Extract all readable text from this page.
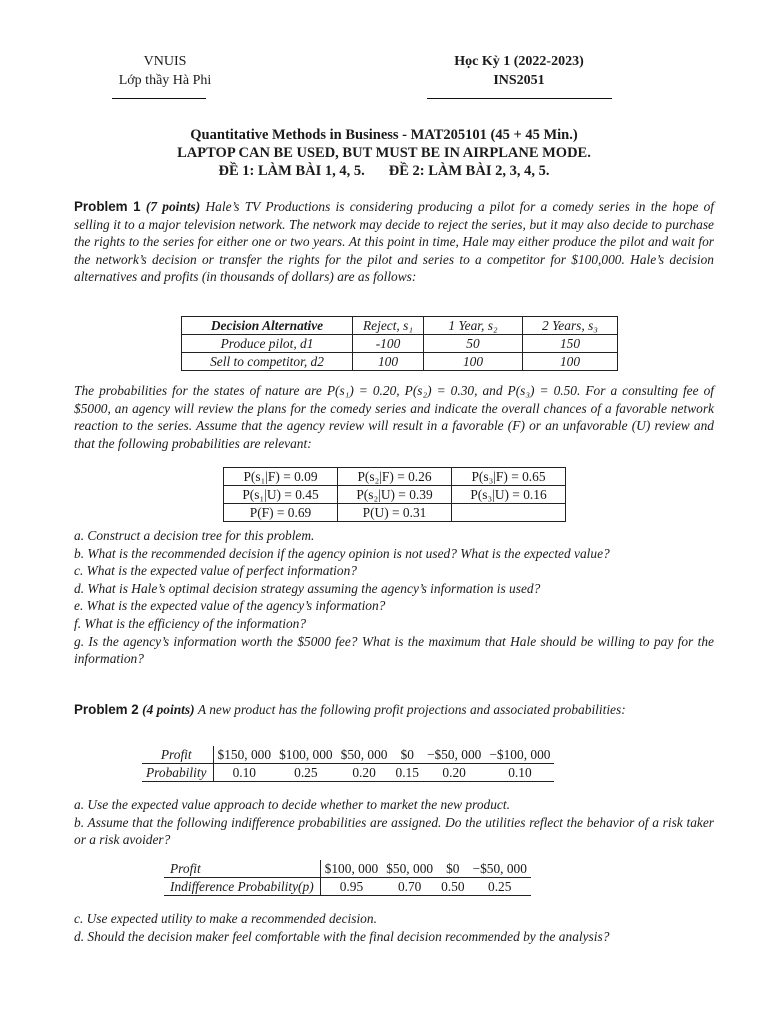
VNUIS
Lớp thầy Hà Phi
Học Kỳ 1 (2022-2023)
INS2051
Quantitative Methods in Business - MAT205101 (45 + 45 Min.)
LAPTOP CAN BE USED, BUT MUST BE IN AIRPLANE MODE.
ĐỀ 1: LÀM BÀI 1, 4, 5. ĐỀ 2: LÀM BÀI 2, 3, 4, 5.
Problem 1 (7 points) Hale’s TV Productions is considering producing a pilot for a comedy series in the hope of selling it to a major television network. The network may decide to reject the series, but it may also decide to purchase the rights to the series for either one or two years. At this point in time, Hale may either produce the pilot and wait for the network’s decision or transfer the rights for the pilot and series to a competitor for $100,000. Hale’s decision alternatives and profits (in thousands of dollars) are as follows:
Decision Alternative	Reject, s₁	1 Year, s₂	2 Years, s₃
Produce pilot, d1	-100	50	150
Sell to competitor, d2	100	100	100
The probabilities for the states of nature are P(s₁) = 0.20, P(s₂) = 0.30, and P(s₃) = 0.50. For a consulting fee of $5000, an agency will review the plans for the comedy series and indicate the overall chances of a favorable network reaction to the series. Assume that the agency review will result in a favorable (F) or an unfavorable (U) review and that the following probabilities are relevant:
P(s₁|F) = 0.09	P(s₂|F) = 0.26	P(s₃|F) = 0.65
P(s₁|U) = 0.45	P(s₂|U) = 0.39	P(s₃|U) = 0.16
P(F) = 0.69	P(U) = 0.31	
a. Construct a decision tree for this problem.
b. What is the recommended decision if the agency opinion is not used? What is the expected value?
c. What is the expected value of perfect information?
d. What is Hale’s optimal decision strategy assuming the agency’s information is used?
e. What is the expected value of the agency’s information?
f. What is the efficiency of the information?
g. Is the agency’s information worth the $5000 fee? What is the maximum that Hale should be willing to pay for the information?
Problem 2 (4 points) A new product has the following profit projections and associated probabilities:
Profit	$150, 000	$100, 000	$50, 000	$0	−$50, 000	−$100, 000
Probability	0.10	0.25	0.20	0.15	0.20	0.10
a. Use the expected value approach to decide whether to market the new product.
b. Assume that the following indifference probabilities are assigned. Do the utilities reflect the behavior of a risk taker or a risk avoider?
Profit	$100, 000	$50, 000	$0	−$50, 000
Indifference Probability(p)	0.95	0.70	0.50	0.25
c. Use expected utility to make a recommended decision.
d. Should the decision maker feel comfortable with the final decision recommended by the analysis?
